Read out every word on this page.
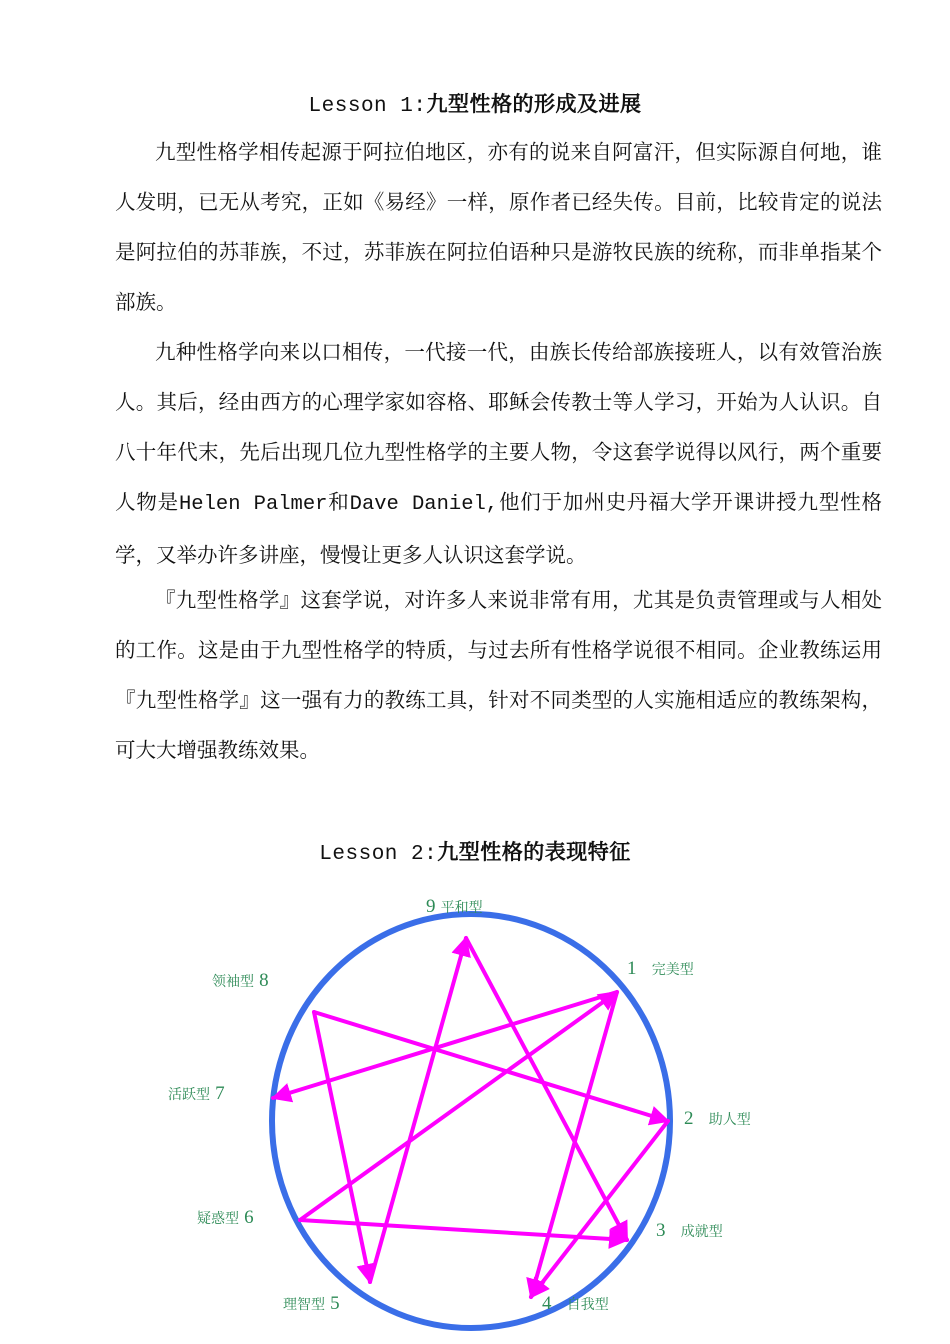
Lesson 1:九型性格的形成及进展

九型性格学相传起源于阿拉伯地区，亦有的说来自阿富汗，但实际源自何地，谁人发明，已无从考究，正如《易经》一样，原作者已经失传。目前，比较肯定的说法是阿拉伯的苏菲族，不过，苏菲族在阿拉伯语种只是游牧民族的统称，而非单指某个部族。

九种性格学向来以口相传，一代接一代，由族长传给部族接班人，以有效管治族人。其后，经由西方的心理学家如容格、耶稣会传教士等人学习，开始为人认识。自八十年代末，先后出现几位九型性格学的主要人物，令这套学说得以风行，两个重要人物是Helen Palmer和Dave Daniel,他们于加州史丹福大学开课讲授九型性格学，又举办许多讲座，慢慢让更多人认识这套学说。

『九型性格学』这套学说，对许多人来说非常有用，尤其是负责管理或与人相处的工作。这是由于九型性格学的特质，与过去所有性格学说很不相同。企业教练运用『九型性格学』这一强有力的教练工具，针对不同类型的人实施相适应的教练架构，可大大增强教练效果。

Lesson 2:九型性格的表现特征
9 平和型
1 完美型
2 助人型
3 成就型
4 自我型
理智型 5
疑惑型 6
活跃型 7
领袖型 8
